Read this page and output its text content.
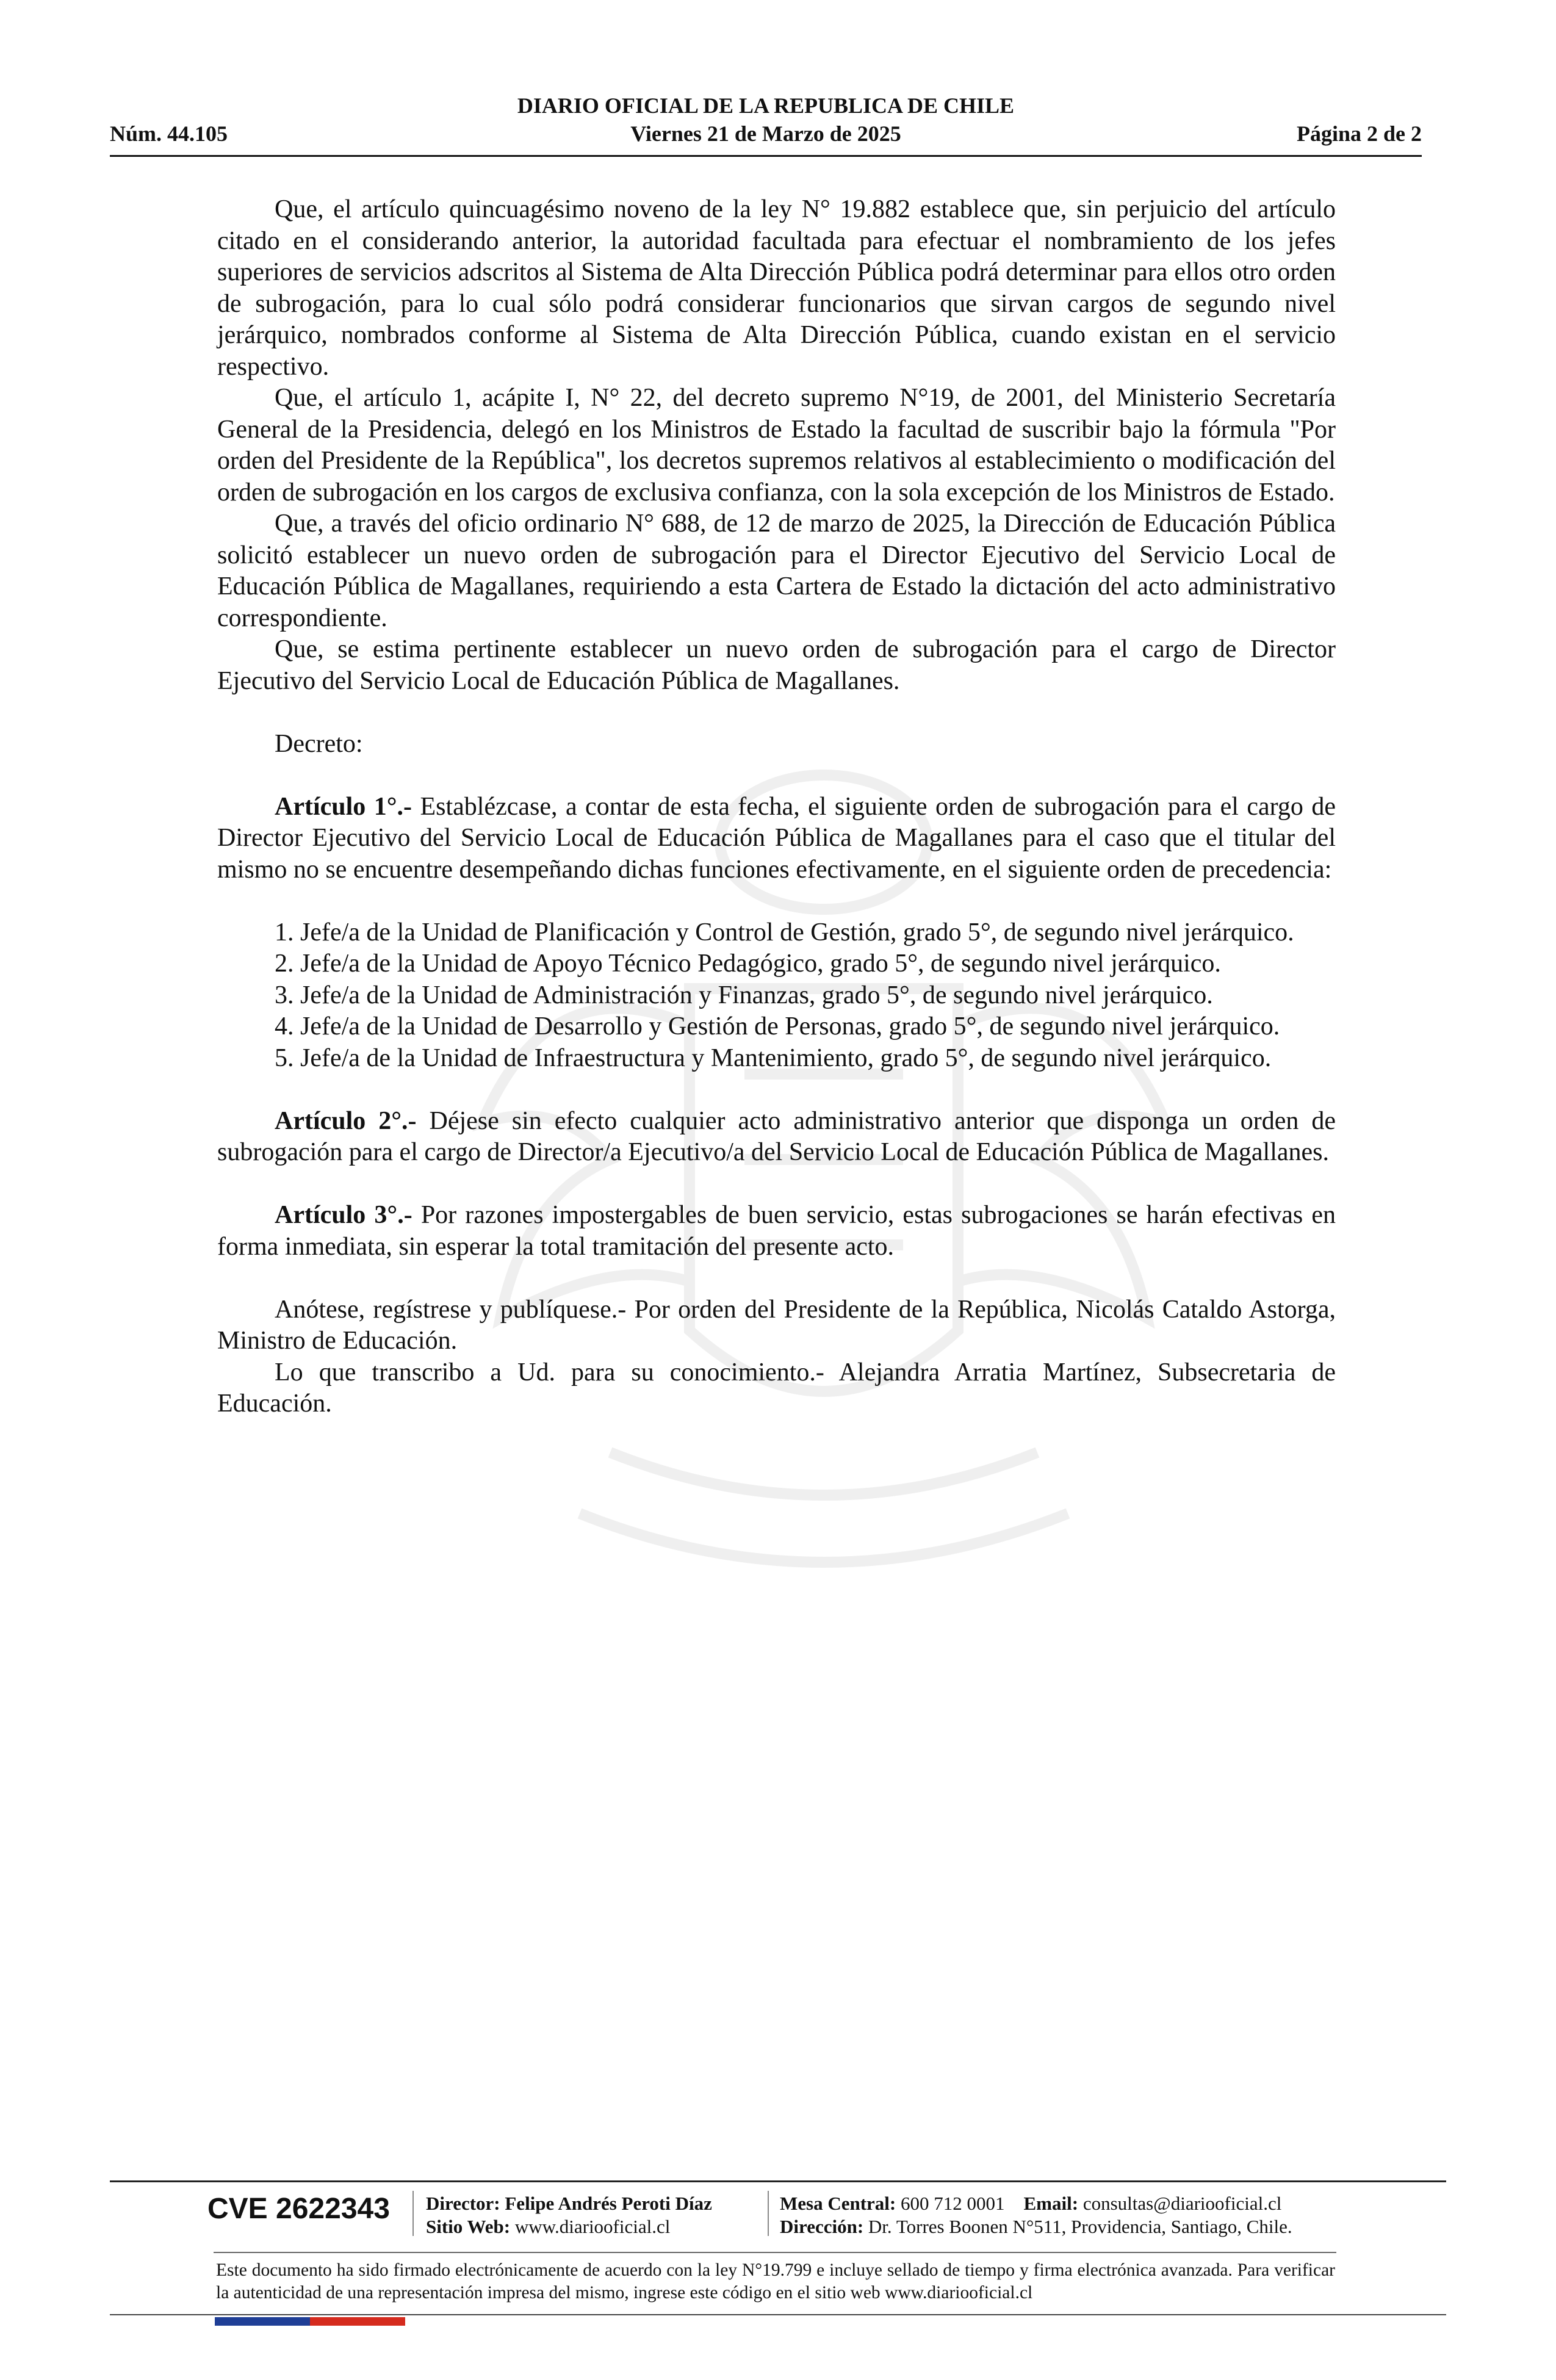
DIARIO OFICIAL DE LA REPUBLICA DE CHILE
Núm. 44.105	Viernes 21 de Marzo de 2025	Página 2 de 2

Que, el artículo quincuagésimo noveno de la ley N° 19.882 establece que, sin perjuicio del artículo citado en el considerando anterior, la autoridad facultada para efectuar el nombramiento de los jefes superiores de servicios adscritos al Sistema de Alta Dirección Pública podrá determinar para ellos otro orden de subrogación, para lo cual sólo podrá considerar funcionarios que sirvan cargos de segundo nivel jerárquico, nombrados conforme al Sistema de Alta Dirección Pública, cuando existan en el servicio respectivo.

Que, el artículo 1, acápite I, N° 22, del decreto supremo N°19, de 2001, del Ministerio Secretaría General de la Presidencia, delegó en los Ministros de Estado la facultad de suscribir bajo la fórmula "Por orden del Presidente de la República", los decretos supremos relativos al establecimiento o modificación del orden de subrogación en los cargos de exclusiva confianza, con la sola excepción de los Ministros de Estado.

Que, a través del oficio ordinario N° 688, de 12 de marzo de 2025, la Dirección de Educación Pública solicitó establecer un nuevo orden de subrogación para el Director Ejecutivo del Servicio Local de Educación Pública de Magallanes, requiriendo a esta Cartera de Estado la dictación del acto administrativo correspondiente.

Que, se estima pertinente establecer un nuevo orden de subrogación para el cargo de Director Ejecutivo del Servicio Local de Educación Pública de Magallanes.

Decreto:

Artículo 1°.- Establézcase, a contar de esta fecha, el siguiente orden de subrogación para el cargo de Director Ejecutivo del Servicio Local de Educación Pública de Magallanes para el caso que el titular del mismo no se encuentre desempeñando dichas funciones efectivamente, en el siguiente orden de precedencia:

1. Jefe/a de la Unidad de Planificación y Control de Gestión, grado 5°, de segundo nivel jerárquico.

2. Jefe/a de la Unidad de Apoyo Técnico Pedagógico, grado 5°, de segundo nivel jerárquico.

3. Jefe/a de la Unidad de Administración y Finanzas, grado 5°, de segundo nivel jerárquico.

4. Jefe/a de la Unidad de Desarrollo y Gestión de Personas, grado 5°, de segundo nivel jerárquico.

5. Jefe/a de la Unidad de Infraestructura y Mantenimiento, grado 5°, de segundo nivel jerárquico.

Artículo 2°.- Déjese sin efecto cualquier acto administrativo anterior que disponga un orden de subrogación para el cargo de Director/a Ejecutivo/a del Servicio Local de Educación Pública de Magallanes.

Artículo 3°.- Por razones impostergables de buen servicio, estas subrogaciones se harán efectivas en forma inmediata, sin esperar la total tramitación del presente acto.

Anótese, regístrese y publíquese.- Por orden del Presidente de la República, Nicolás Cataldo Astorga, Ministro de Educación.

Lo que transcribo a Ud. para su conocimiento.- Alejandra Arratia Martínez, Subsecretaria de Educación.

CVE 2622343 Director: Felipe Andrés Peroti Díaz
Sitio Web: www.diariooficial.cl
Mesa Central: 600 712 0001 Email: consultas@diariooficial.cl
Dirección: Dr. Torres Boonen N°511, Providencia, Santiago, Chile.
Este documento ha sido firmado electrónicamente de acuerdo con la ley N°19.799 e incluye sellado de tiempo y firma electrónica avanzada. Para verificar la autenticidad de una representación impresa del mismo, ingrese este código en el sitio web www.diariooficial.cl
